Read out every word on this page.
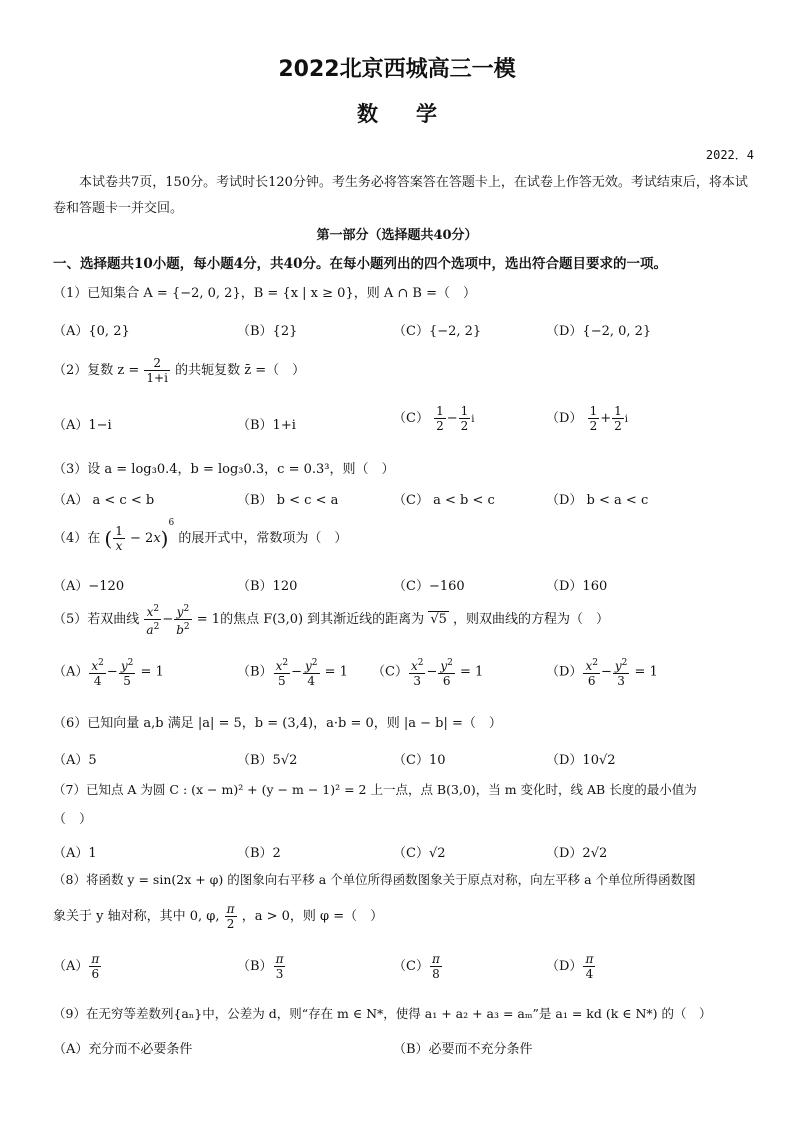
2022北京西城高三一模
数学
2022．4
本试卷共7页，150分。考试时长120分钟。考生务必将答案答在答题卡上，在试卷上作答无效。考试结束后，将本试卷和答题卡一并交回。
第一部分（选择题共40分）
一、选择题共10小题，每小题4分，共40分。在每小题列出的四个选项中，选出符合题目要求的一项。
（1）已知集合 A = {−2, 0, 2}，B = {x | x ≥ 0}，则 A ∩ B =（　）
（A）{0, 2}	（B）{2}	（C）{−2, 2}	（D）{−2, 0, 2}
（2）复数 $z = \frac{2}{1+i}$ 的共轭复数 z̄ =（　）
（A）1−i	（B）1+i	$(C) \frac{1}{2} - \frac{1}{2}$ i	$(D) \frac{1}{2} + \frac{1}{2}$ i
（3）设 a = log₃0.4，b = log₃0.3，c = 0.3³，则（　）
（A） a < c < b	（B） b < c < a	（C） a < b < c	（D） b < a < c
（4）在 ( $\frac{1}{x} - 2x)^6$ 的展开式中，常数项为（　）
（A）−120	（B）120	（C）−160	（D）160
（5）若双曲线 $\frac{x^2}{a^2} - \frac{y^2}{b^2} = 1$的焦点 F(3,0) 到其渐近线的距离为 √5 ，则双曲线的方程为（　）
$(A) \frac{x^2}{4} - \frac{y^2}{5} = 1$	$(B) \frac{x^2}{5} - \frac{y^2}{4} = 1$ $(C) \frac{x^2}{3} - \frac{y^2}{6} = 1$	$(D) \frac{x^2}{6} - \frac{y^2}{3} = 1$
（6）已知向量 a,b 满足 |a| = 5，b = (3,4)，a·b = 0，则 |a − b| =（　）
（A）5	（B）5√2	（C）10	（D）10√2
（7）已知点 A 为圆 C : (x − m)² + (y − m − 1)² = 2 上一点，点 B(3,0)，当 m 变化时，线 AB 长度的最小值为
（　）
（A）1	（B）2	（C）√2	（D）2√2
（8）将函数 y = sin(2x + φ) 的图象向右平移 a 个单位所得函数图象关于原点对称，向左平移 a 个单位所得函数图
象关于 y 轴对称，其中 0, φ, $\frac{\pi}{2}$ ，a > 0，则 φ =（　）
$(A) \frac{\pi}{6}$	$(B) \frac{\pi}{3}$	$(C) \frac{\pi}{8}$	$(D) \frac{\pi}{4}$
（9）在无穷等差数列{aₙ}中，公差为 d，则“存在 m ∈ N*，使得 a₁ + a₂ + a₃ = aₘ”是 a₁ = kd (k ∈ N*) 的（　）
（A）充分而不必要条件	（B）必要而不充分条件
